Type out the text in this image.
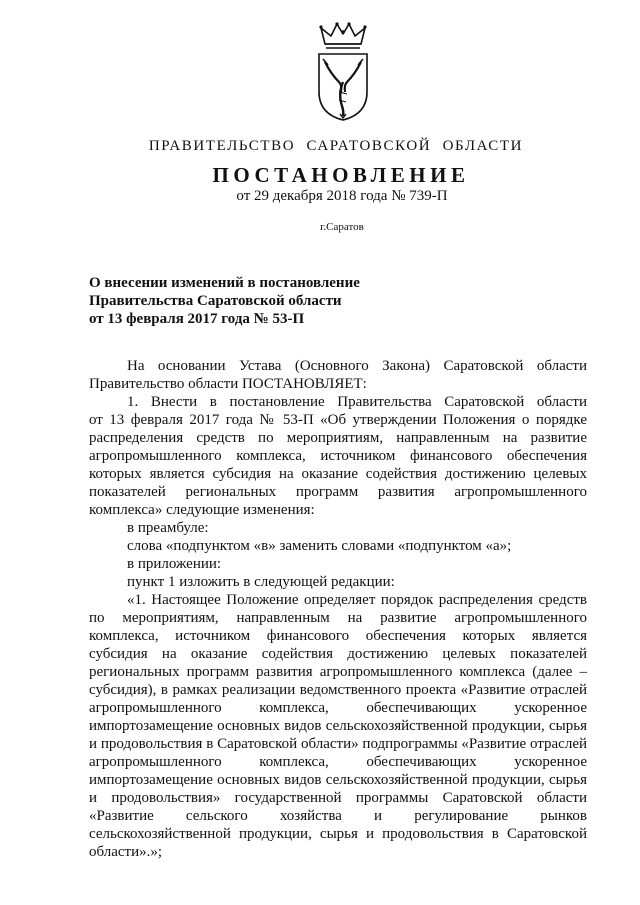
ПРАВИТЕЛЬСТВО САРАТОВСКОЙ ОБЛАСТИ
ПОСТАНОВЛЕНИЕ
от 29 декабря 2018 года № 739-П
г.Саратов
О внесении изменений в постановление
Правительства Саратовской области
от 13 февраля 2017 года № 53-П

На основании Устава (Основного Закона) Саратовской области

Правительство области ПОСТАНОВЛЯЕТ:

1. Внести в постановление Правительства Саратовской области

от 13 февраля 2017 года № 53-П «Об утверждении Положения о порядке

распределения средств по мероприятиям, направленным на развитие

агропромышленного комплекса, источником финансового обеспечения

которых является субсидия на оказание содействия достижению целевых

показателей региональных программ развития агропромышленного

комплекса» следующие изменения:

в преамбуле:

слова «подпунктом «в» заменить словами «подпунктом «а»;

в приложении:

пункт 1 изложить в следующей редакции:

«1. Настоящее Положение определяет порядок распределения средств

по мероприятиям, направленным на развитие агропромышленного

комплекса, источником финансового обеспечения которых является

субсидия на оказание содействия достижению целевых показателей

региональных программ развития агропромышленного комплекса (далее –

субсидия), в рамках реализации ведомственного проекта «Развитие отраслей

агропромышленного комплекса, обеспечивающих ускоренное

импортозамещение основных видов сельскохозяйственной продукции, сырья

и продовольствия в Саратовской области» подпрограммы «Развитие отраслей

агропромышленного комплекса, обеспечивающих ускоренное

импортозамещение основных видов сельскохозяйственной продукции, сырья

и продовольствия» государственной программы Саратовской области

«Развитие сельского хозяйства и регулирование рынков

сельскохозяйственной продукции, сырья и продовольствия в Саратовской

области».»;
